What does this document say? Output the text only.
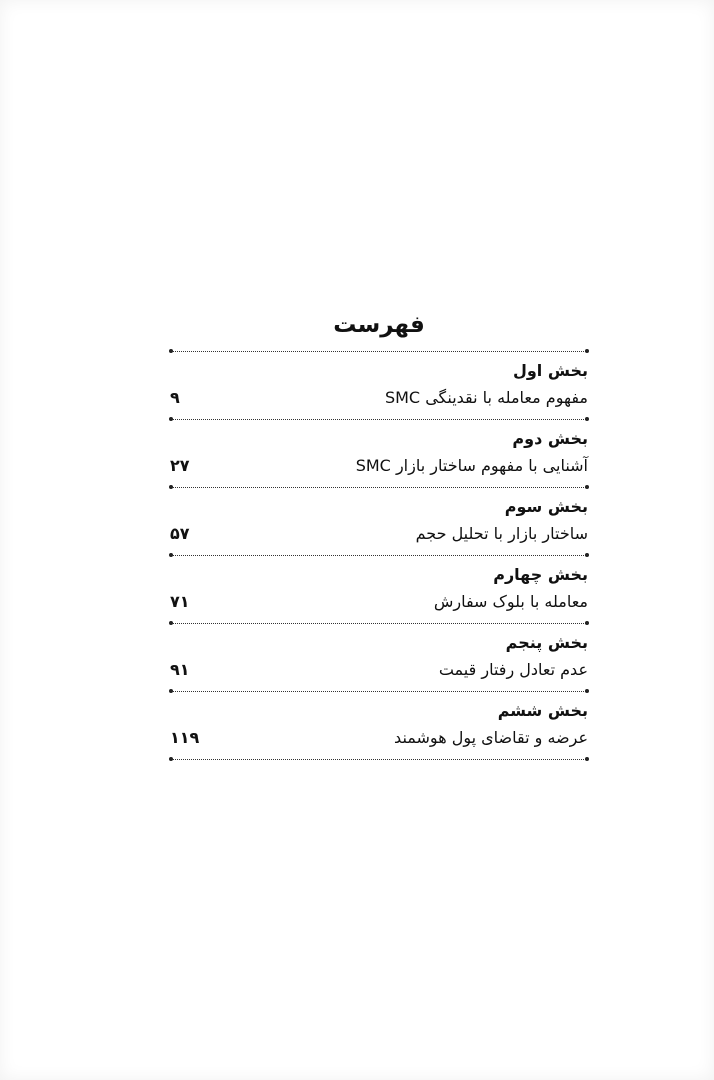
فهرست
بخش اول
مفهوم معامله با نقدینگی SMC
۹
بخش دوم
آشنایی با مفهوم ساختار بازار SMC
۲۷
بخش سوم
ساختار بازار با تحلیل حجم
۵۷
بخش چهارم
معامله با بلوک سفارش
۷۱
بخش پنجم
عدم تعادل رفتار قیمت
۹۱
بخش ششم
عرضه و تقاضای پول هوشمند
۱۱۹
